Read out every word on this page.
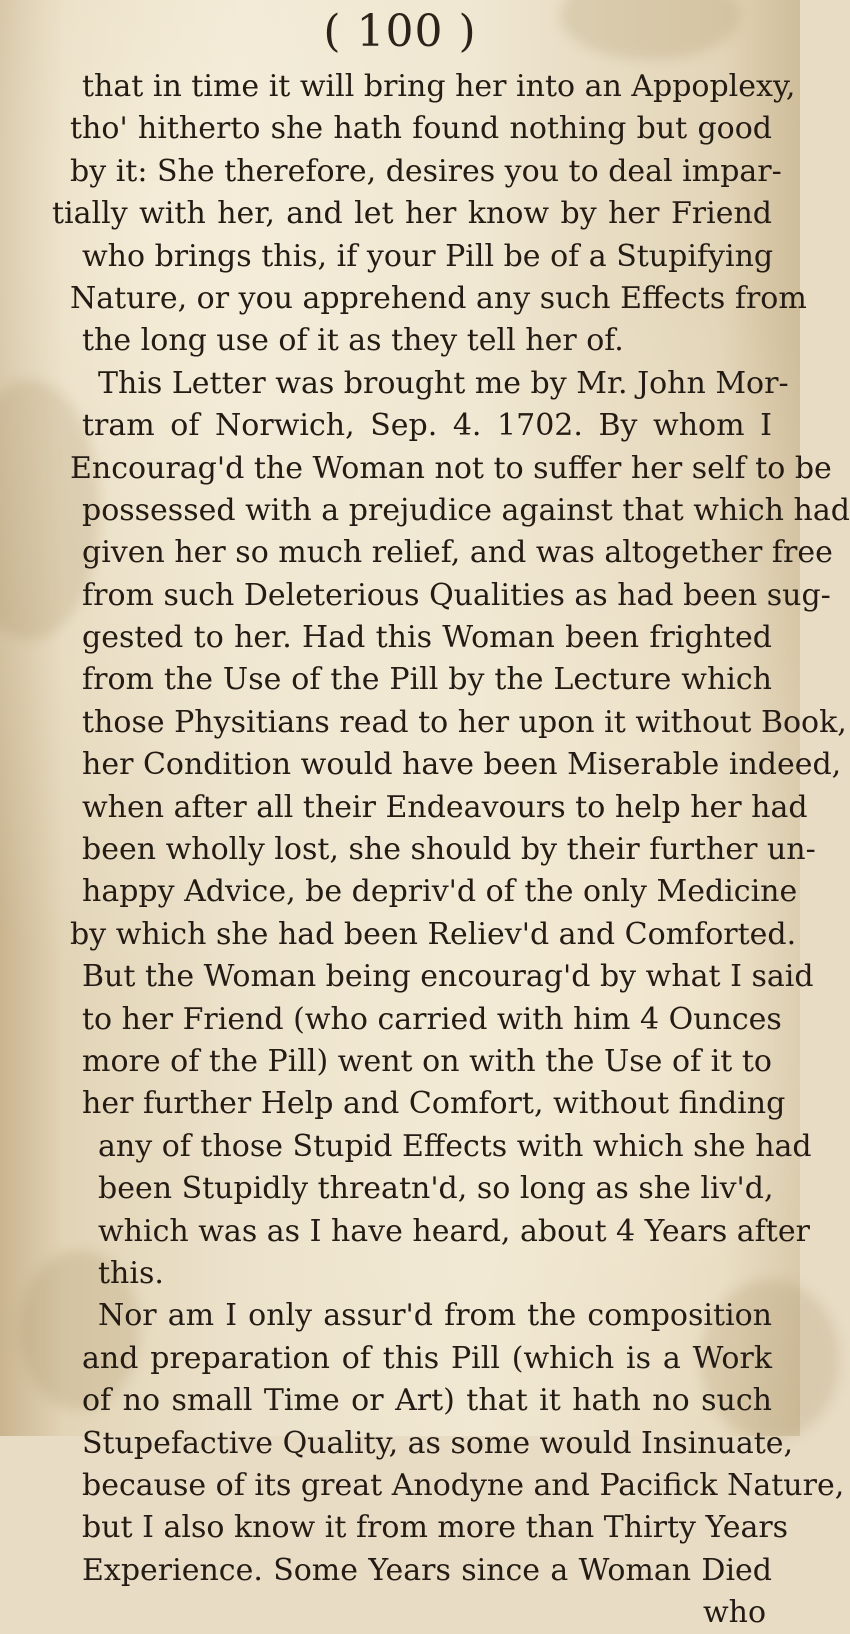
( 100 )
that in time it will bring her into an Appoplexy,
tho' hitherto she hath found nothing but good
by it: She therefore, desires you to deal impar-
tially with her, and let her know by her Friend
who brings this, if your Pill be of a Stupifying
Nature, or you apprehend any such Effects from
the long use of it as they tell her of.
This Letter was brought me by Mr. John Mor-
tram of Norwich, Sep. 4. 1702. By whom I
Encourag'd the Woman not to suffer her self to be
possessed with a prejudice against that which had
given her so much relief, and was altogether free
from such Deleterious Qualities as had been sug-
gested to her. Had this Woman been frighted
from the Use of the Pill by the Lecture which
those Physitians read to her upon it without Book,
her Condition would have been Miserable indeed,
when after all their Endeavours to help her had
been wholly lost, she should by their further un-
happy Advice, be depriv'd of the only Medicine
by which she had been Reliev'd and Comforted.
But the Woman being encourag'd by what I said
to her Friend (who carried with him 4 Ounces
more of the Pill) went on with the Use of it to
her further Help and Comfort, without finding
any of those Stupid Effects with which she had
been Stupidly threatn'd, so long as she liv'd,
which was as I have heard, about 4 Years after
this.
Nor am I only assur'd from the composition
and preparation of this Pill (which is a Work
of no small Time or Art) that it hath no such
Stupefactive Quality, as some would Insinuate,
because of its great Anodyne and Pacifick Nature,
but I also know it from more than Thirty Years
Experience. Some Years since a Woman Died
who
